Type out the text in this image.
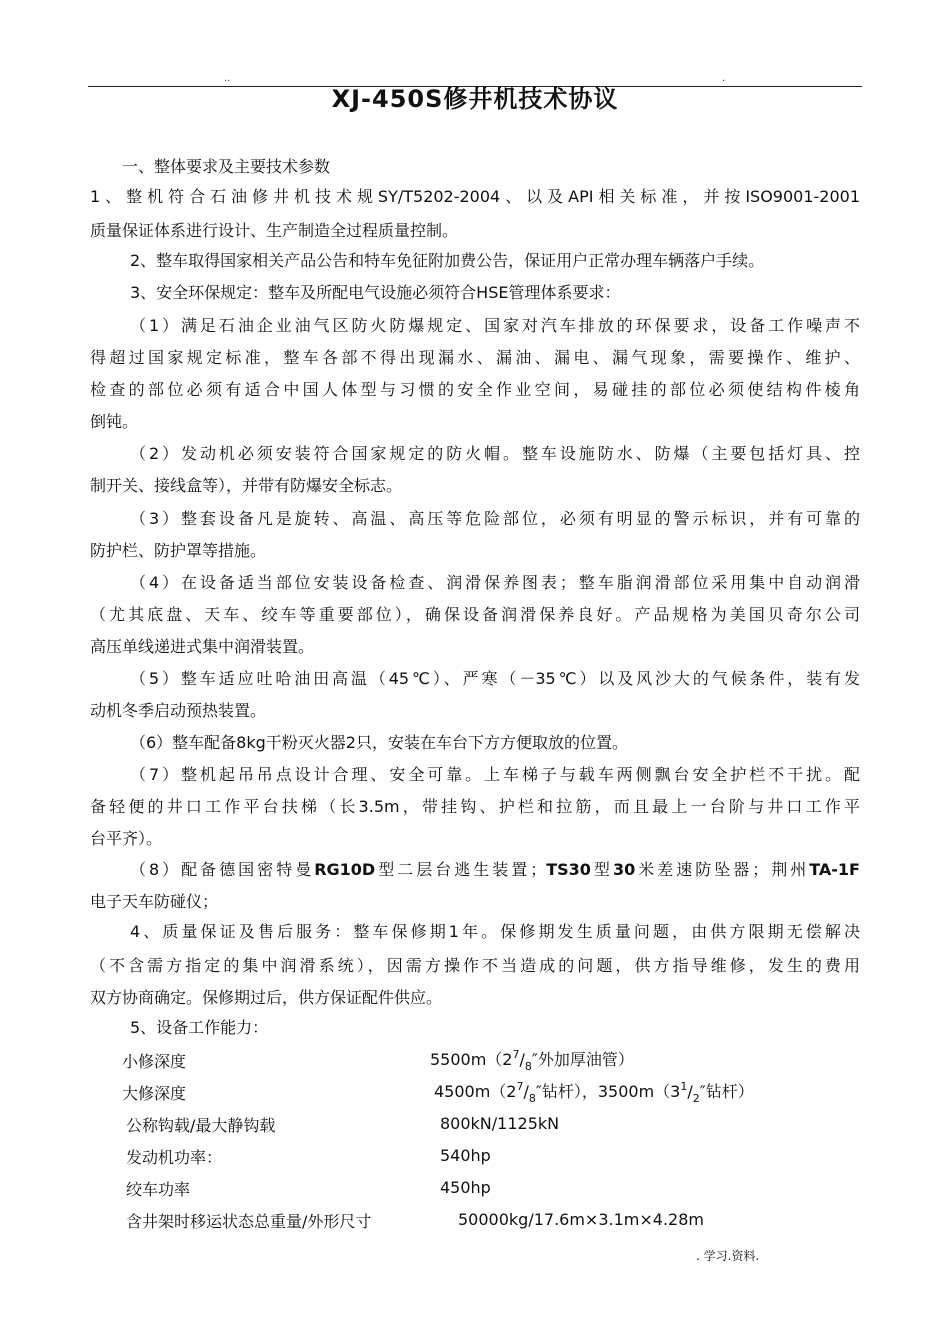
..	.
XJ-450S修井机技术协议
一、整体要求及主要技术参数
1、整机符合石油修井机技术规SY/T5202-2004、以及API相关标准，并按ISO9001-2001
质量保证体系进行设计、生产制造全过程质量控制。
2、整车取得国家相关产品公告和特车免征附加费公告，保证用户正常办理车辆落户手续。
3、安全环保规定：整车及所配电气设施必须符合HSE管理体系要求：
（1）满足石油企业油气区防火防爆规定、国家对汽车排放的环保要求，设备工作噪声不
得超过国家规定标准，整车各部不得出现漏水、漏油、漏电、漏气现象，需要操作、维护、
检查的部位必须有适合中国人体型与习惯的安全作业空间，易碰挂的部位必须使结构件棱角
倒钝。
（2）发动机必须安装符合国家规定的防火帽。整车设施防水、防爆（主要包括灯具、控
制开关、接线盒等），并带有防爆安全标志。
（3）整套设备凡是旋转、高温、高压等危险部位，必须有明显的警示标识，并有可靠的
防护栏、防护罩等措施。
（4）在设备适当部位安装设备检查、润滑保养图表；整车脂润滑部位采用集中自动润滑
（尤其底盘、天车、绞车等重要部位），确保设备润滑保养良好。产品规格为美国贝奇尔公司
高压单线递进式集中润滑装置。
（5）整车适应吐哈油田高温（45℃）、严寒（－35℃）以及风沙大的气候条件，装有发
动机冬季启动预热装置。
（6）整车配备8kg干粉灭火器2只，安装在车台下方方便取放的位置。
（7）整机起吊吊点设计合理、安全可靠。上车梯子与载车两侧飘台安全护栏不干扰。配
备轻便的井口工作平台扶梯（长3.5m，带挂钩、护栏和拉筋，而且最上一台阶与井口工作平
台平齐）。
（8）配备德国密特曼RG10D型二层台逃生装置；TS30型30米差速防坠器；荆州TA-1F
电子天车防碰仪；
4、质量保证及售后服务：整车保修期1年。保修期发生质量问题，由供方限期无偿解决
（不含需方指定的集中润滑系统），因需方操作不当造成的问题，供方指导维修，发生的费用
双方协商确定。保修期过后，供方保证配件供应。
5、设备工作能力：
小修深度	$5500m(2^7/_8''$外加厚油管）
大修深度	$4500m(2^7/_8''$钻杆），$3500m(3^1/_2''$钻杆）
公称钩载/最大静钩载	800kN/1125kN
发动机功率：	540hp
绞车功率	450hp
含井架时移运状态总重量/外形尺寸	50000kg/17.6m×3.1m×4.28m
. 学习.资料.
